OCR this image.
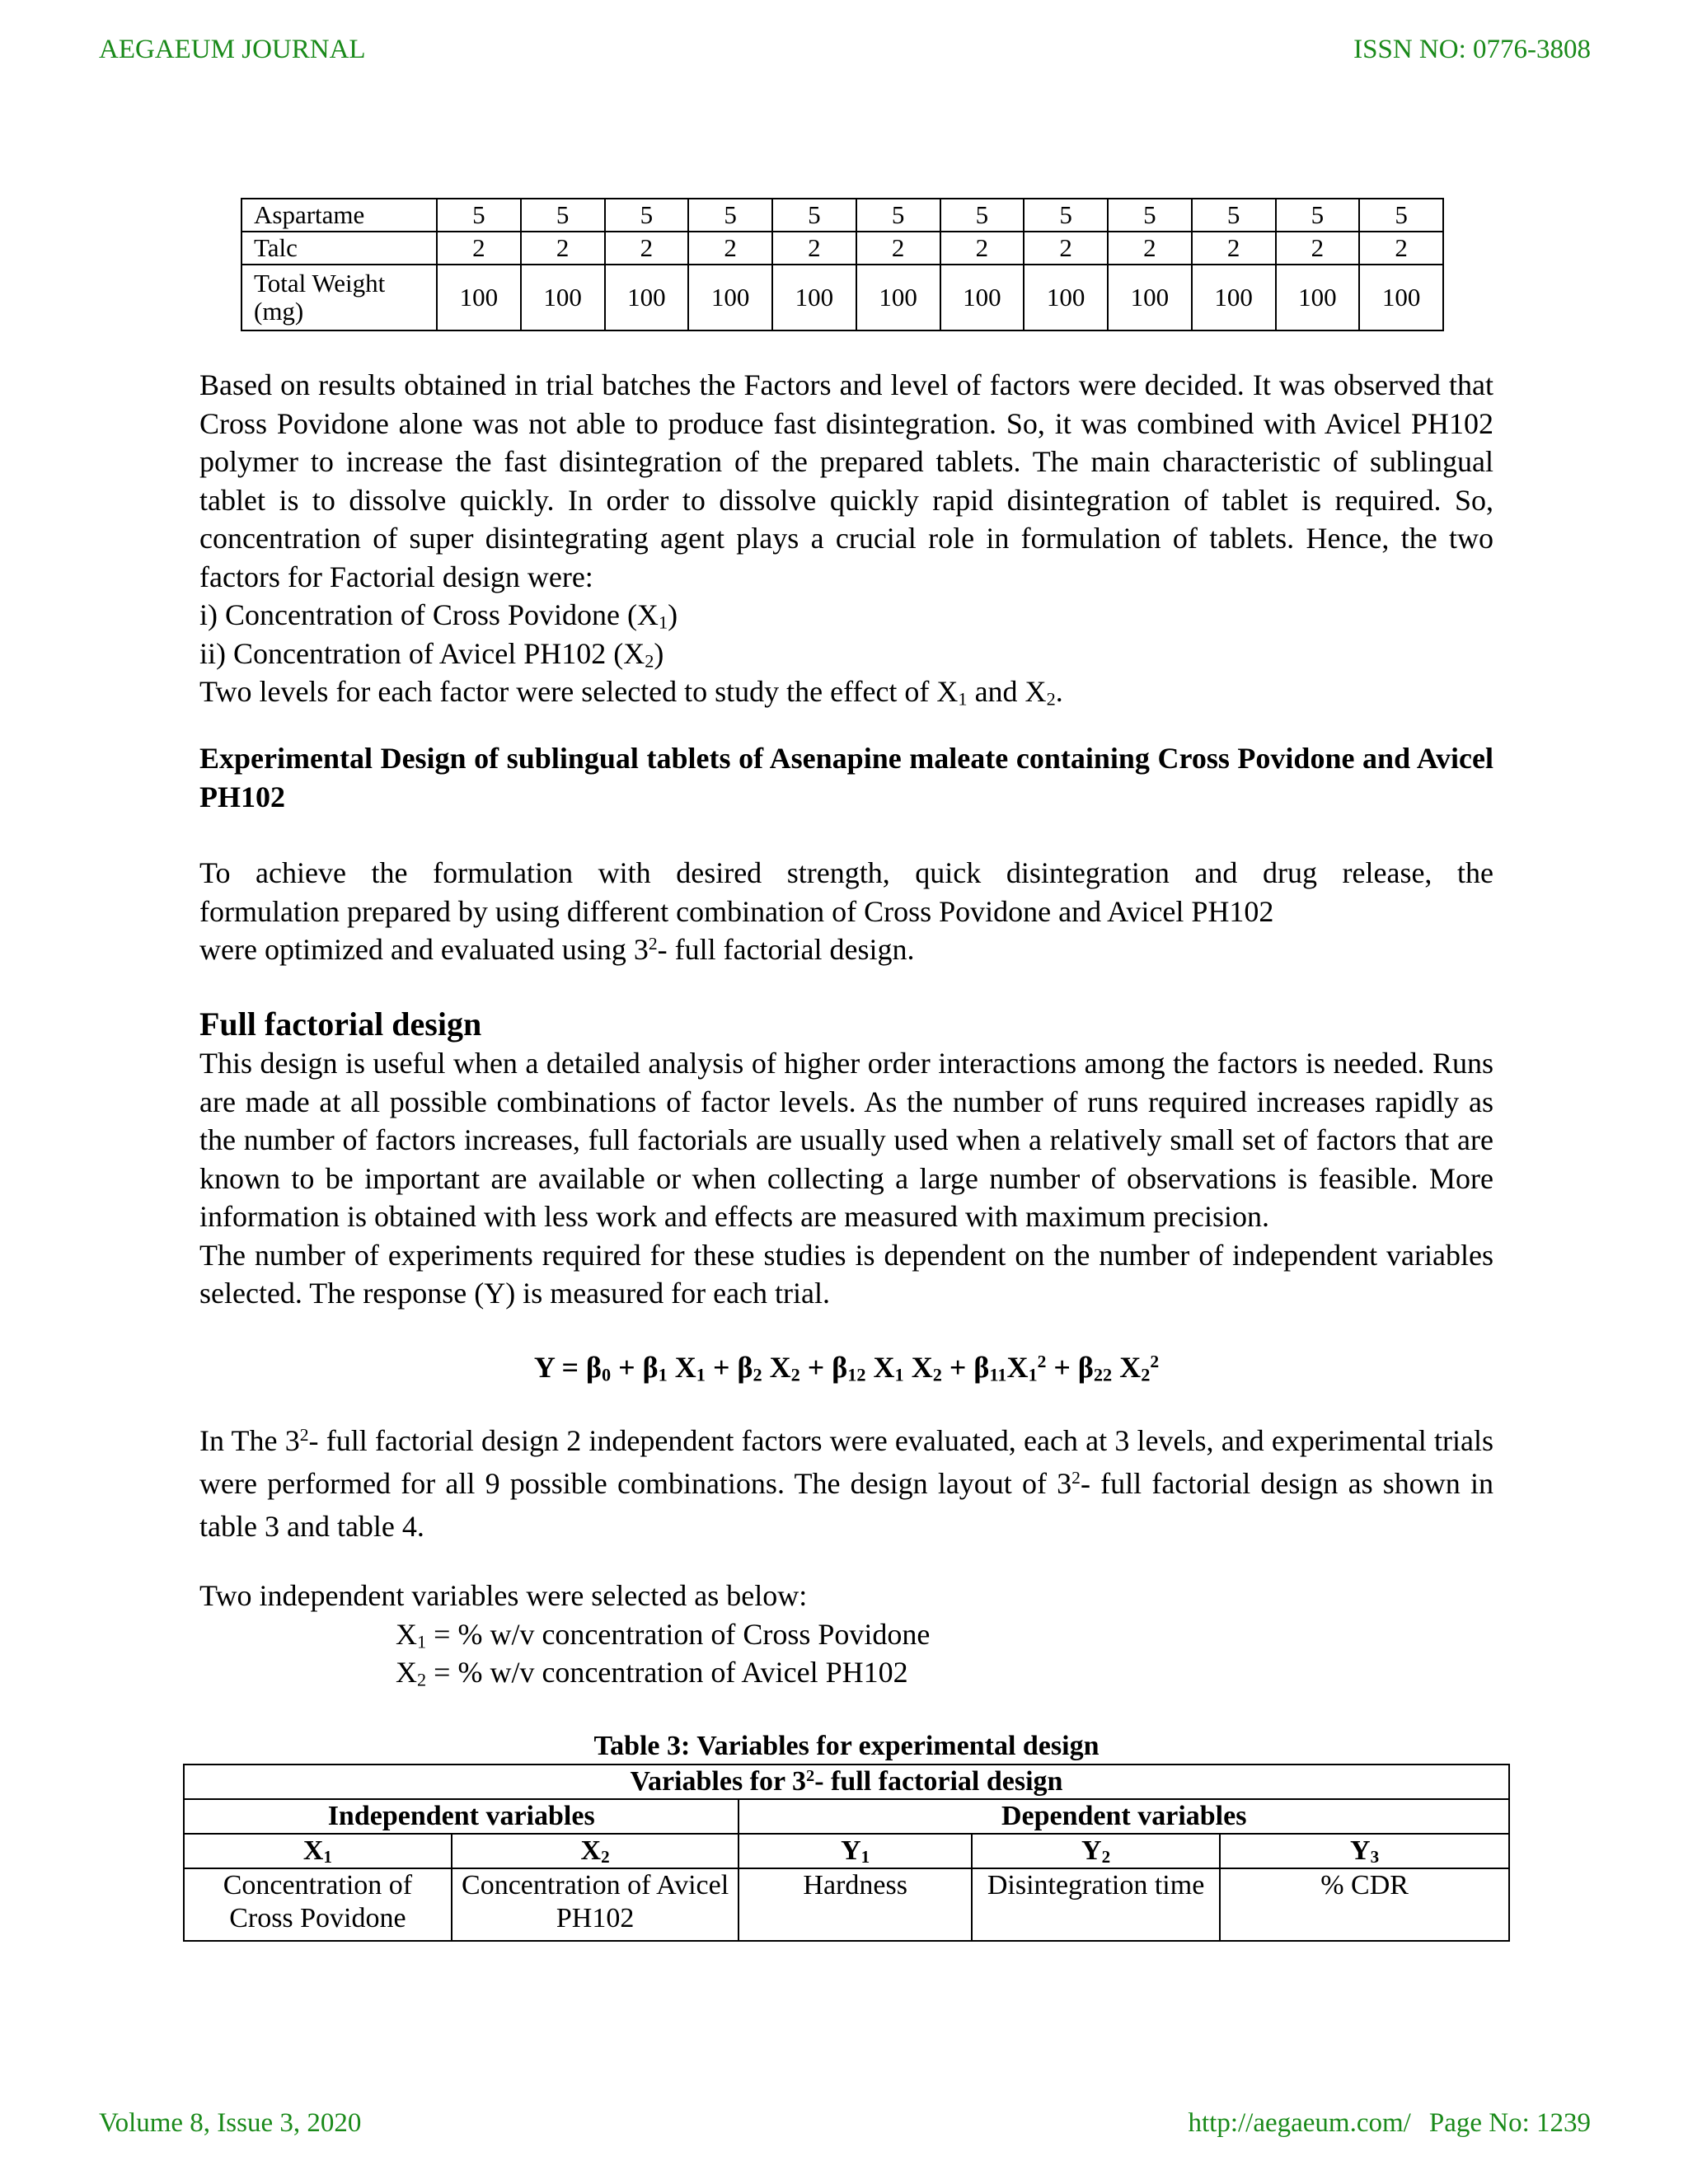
AEGAEUM JOURNAL	ISSN NO: 0776-3808
Aspartame	5	5	5	5	5	5	5	5	5	5	5	5
Talc	2	2	2	2	2	2	2	2	2	2	2	2
Total Weight (mg)	100	100	100	100	100	100	100	100	100	100	100	100
Based on results obtained in trial batches the Factors and level of factors were decided. It was observed that Cross Povidone alone was not able to produce fast disintegration. So, it was combined with Avicel PH102 polymer to increase the fast disintegration of the prepared tablets. The main characteristic of sublingual tablet is to dissolve quickly. In order to dissolve quickly rapid disintegration of tablet is required. So, concentration of super disintegrating agent plays a crucial role in formulation of tablets. Hence, the two factors for Factorial design were:
i) Concentration of Cross Povidone $(X_1)$
ii) Concentration of Avicel PH102 $(X_2)$
Two levels for each factor were selected to study the effect of $X_1$ and $X_2$.
Experimental Design of sublingual tablets of Asenapine maleate containing Cross Povidone and Avicel PH102
To achieve the formulation with desired strength, quick disintegration and drug release, the
formulation prepared by using different combination of Cross Povidone and Avicel PH102
were optimized and evaluated using $3^2-$ full factorial design.
Full factorial design
This design is useful when a detailed analysis of higher order interactions among the factors is needed. Runs are made at all possible combinations of factor levels. As the number of runs required increases rapidly as the number of factors increases, full factorials are usually used when a relatively small set of factors that are known to be important are available or when collecting a large number of observations is feasible. More information is obtained with less work and effects are measured with maximum precision.
The number of experiments required for these studies is dependent on the number of independent variables selected. The response (Y) is measured for each trial.
$Y = \beta_0 + \beta_1$ $X_1 + \beta_2$ $X_2 + \beta_{12}$ $X_1$ $X_2 + \beta_{11}X_1^2 + \beta_{22}$ $X_2^2$
In The $3^2-$ full factorial design 2 independent factors were evaluated, each at 3 levels, and experimental trials were performed for all 9 possible combinations. The design layout of $3^2-$ full factorial design as shown in table 3 and table 4.
Two independent variables were selected as below:
$X_1$ = % w/v concentration of Cross Povidone
$X_2$ = % w/v concentration of Avicel PH102
Table 3: Variables for experimental design
Variables for $3^2-$ full factorial design				
Independent variables		Dependent variables		
$X_1$	$X_2$	$Y_1$	$Y_2$	$Y_3$
Concentration of Cross Povidone	Concentration of Avicel PH102	Hardness	Disintegration time	% CDR
Volume 8, Issue 3, 2020	http://aegaeum.com/ Page No: 1239
